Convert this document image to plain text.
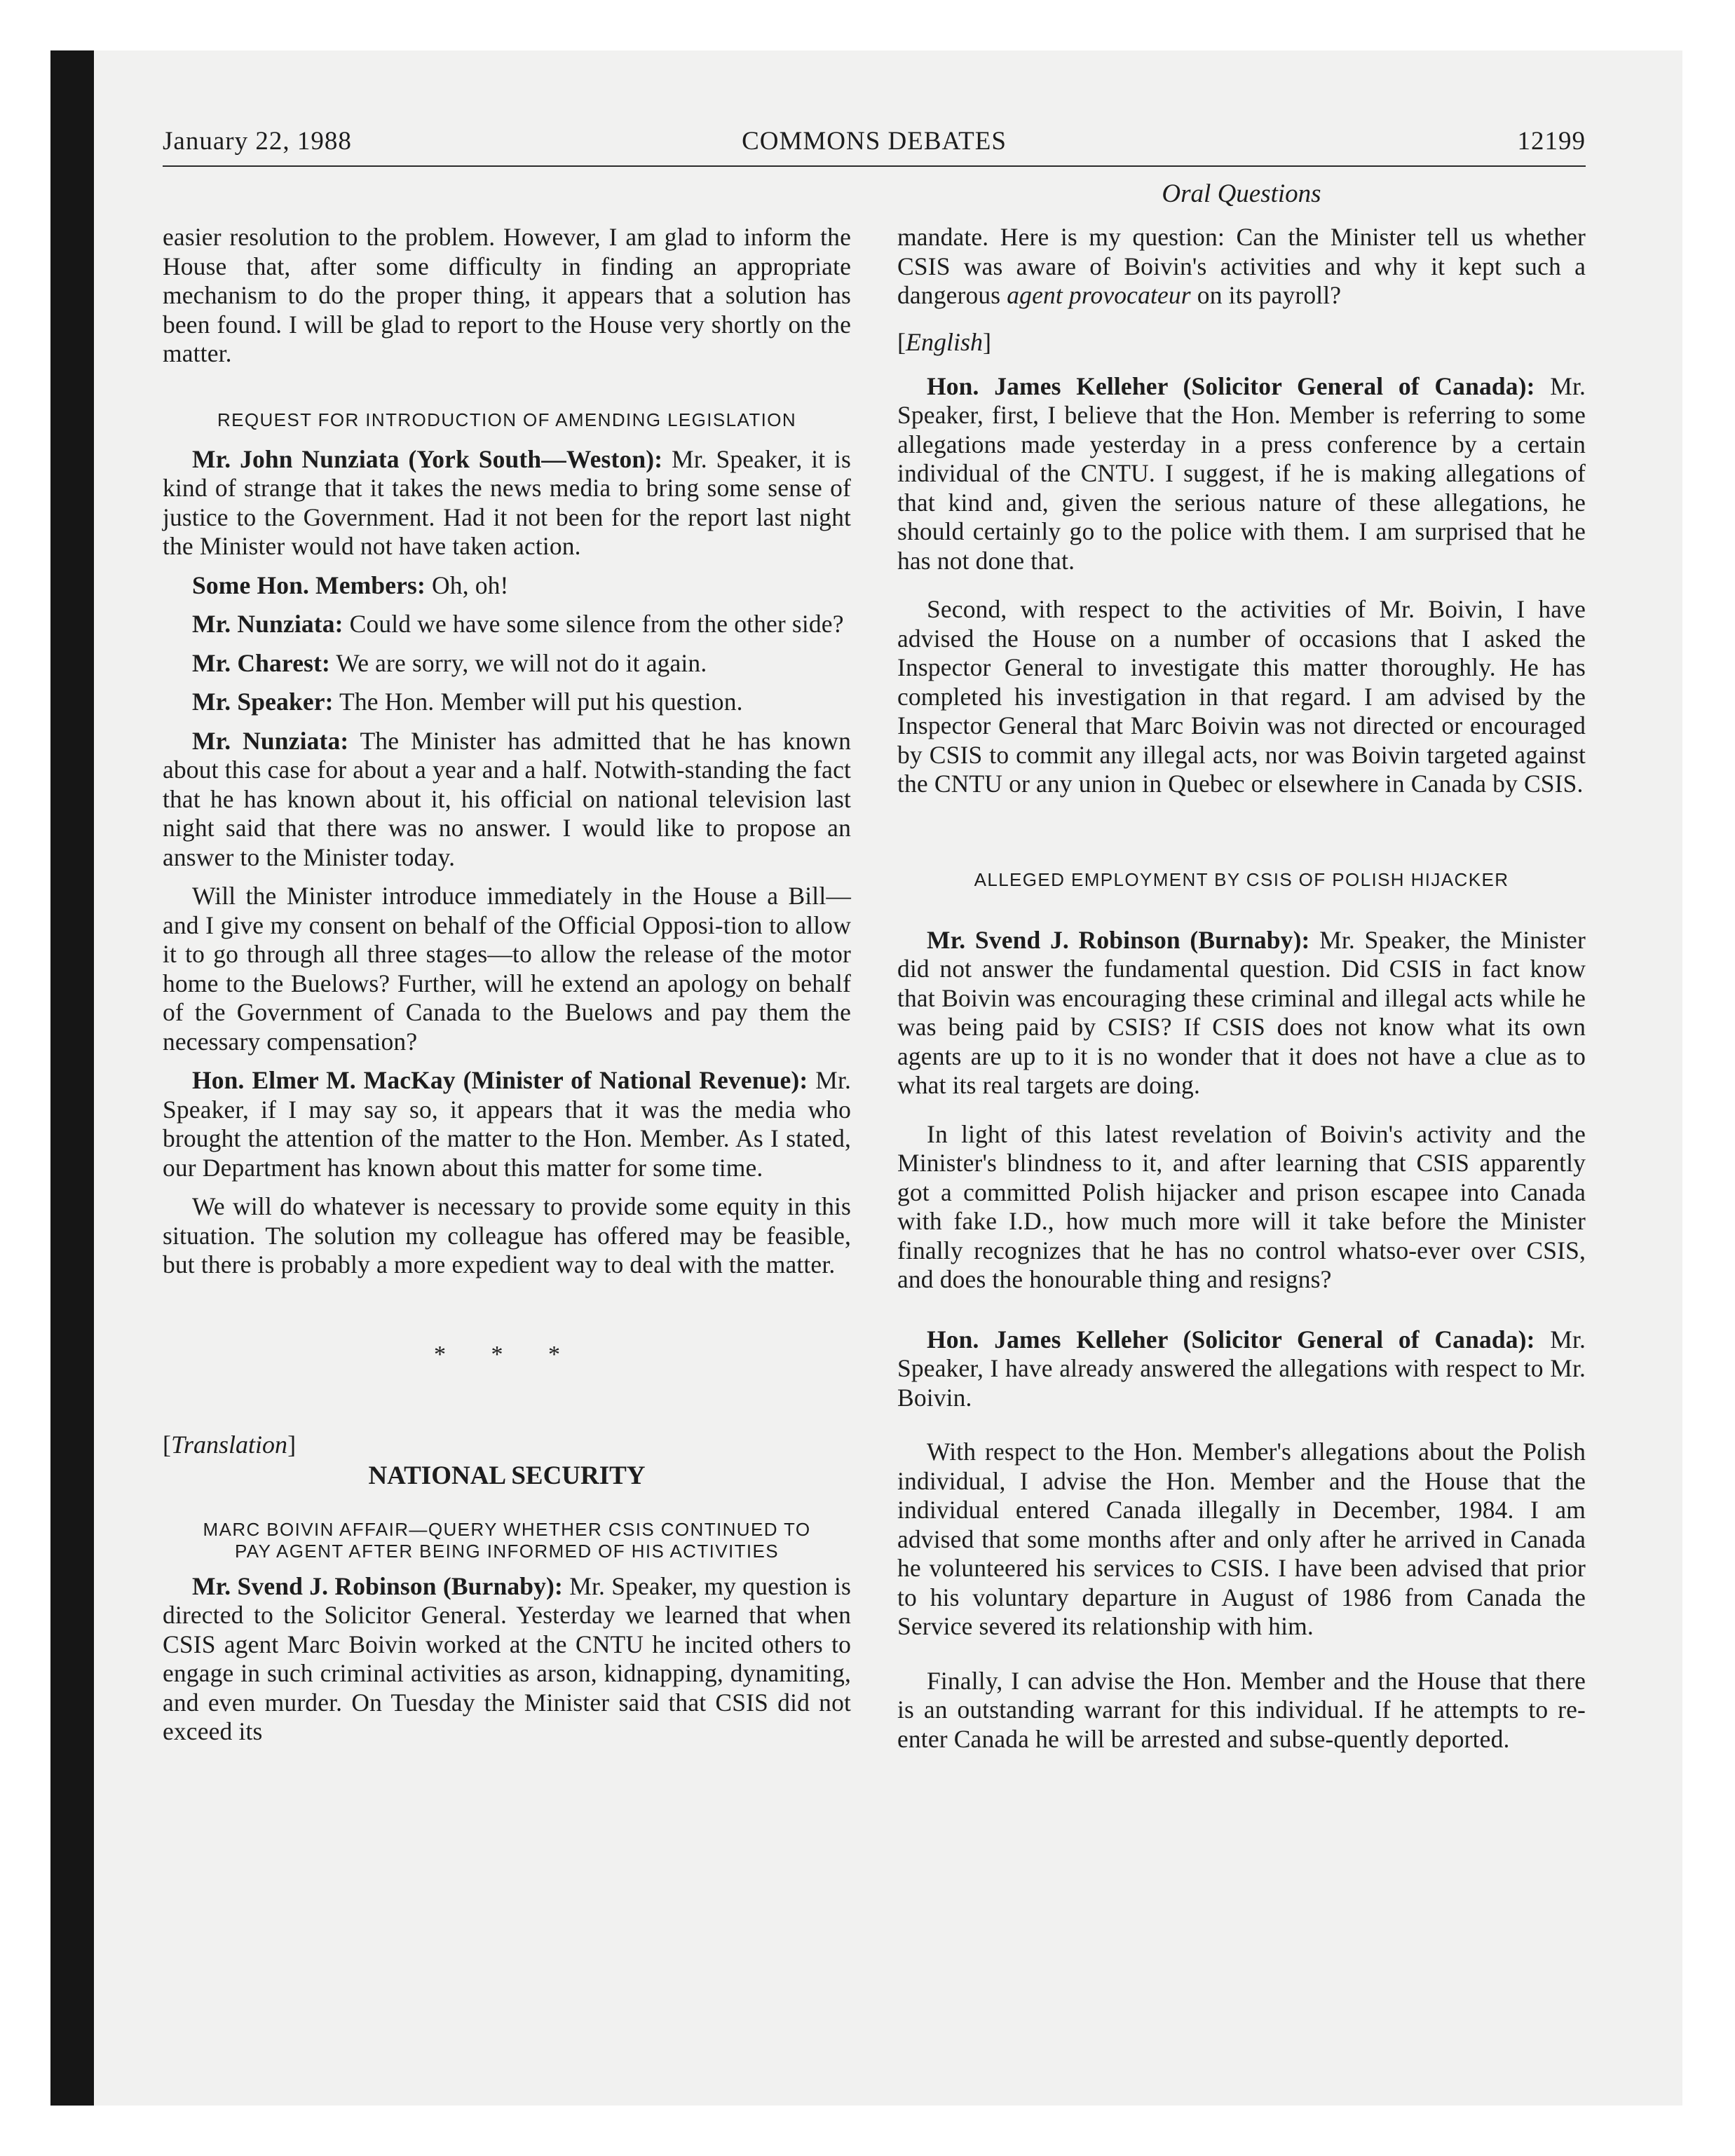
January 22, 1988	COMMONS DEBATES	12199
Oral Questions

easier resolution to the problem. However, I am glad to inform the House that, after some difficulty in finding an appropriate mechanism to do the proper thing, it appears that a solution has been found. I will be glad to report to the House very shortly on the matter.

REQUEST FOR INTRODUCTION OF AMENDING LEGISLATION

Mr. John Nunziata (York South—Weston): Mr. Speaker, it is kind of strange that it takes the news media to bring some sense of justice to the Government. Had it not been for the report last night the Minister would not have taken action.

Some Hon. Members: Oh, oh!

Mr. Nunziata: Could we have some silence from the other side?

Mr. Charest: We are sorry, we will not do it again.

Mr. Speaker: The Hon. Member will put his question.

Mr. Nunziata: The Minister has admitted that he has known about this case for about a year and a half. Notwith-standing the fact that he has known about it, his official on national television last night said that there was no answer. I would like to propose an answer to the Minister today.

Will the Minister introduce immediately in the House a Bill—and I give my consent on behalf of the Official Opposi-tion to allow it to go through all three stages—to allow the release of the motor home to the Buelows? Further, will he extend an apology on behalf of the Government of Canada to the Buelows and pay them the necessary compensation?

Hon. Elmer M. MacKay (Minister of National Revenue): Mr. Speaker, if I may say so, it appears that it was the media who brought the attention of the matter to the Hon. Member. As I stated, our Department has known about this matter for some time.

We will do whatever is necessary to provide some equity in this situation. The solution my colleague has offered may be feasible, but there is probably a more expedient way to deal with the matter.

* * *

[Translation]

NATIONAL SECURITY

MARC BOIVIN AFFAIR—QUERY WHETHER CSIS CONTINUED TO

PAY AGENT AFTER BEING INFORMED OF HIS ACTIVITIES

Mr. Svend J. Robinson (Burnaby): Mr. Speaker, my question is directed to the Solicitor General. Yesterday we learned that when CSIS agent Marc Boivin worked at the CNTU he incited others to engage in such criminal activities as arson, kidnapping, dynamiting, and even murder. On Tuesday the Minister said that CSIS did not exceed its

mandate. Here is my question: Can the Minister tell us whether CSIS was aware of Boivin's activities and why it kept such a dangerous agent provocateur on its payroll?

[English]

Hon. James Kelleher (Solicitor General of Canada): Mr. Speaker, first, I believe that the Hon. Member is referring to some allegations made yesterday in a press conference by a certain individual of the CNTU. I suggest, if he is making allegations of that kind and, given the serious nature of these allegations, he should certainly go to the police with them. I am surprised that he has not done that.

Second, with respect to the activities of Mr. Boivin, I have advised the House on a number of occasions that I asked the Inspector General to investigate this matter thoroughly. He has completed his investigation in that regard. I am advised by the Inspector General that Marc Boivin was not directed or encouraged by CSIS to commit any illegal acts, nor was Boivin targeted against the CNTU or any union in Quebec or elsewhere in Canada by CSIS.

ALLEGED EMPLOYMENT BY CSIS OF POLISH HIJACKER

Mr. Svend J. Robinson (Burnaby): Mr. Speaker, the Minister did not answer the fundamental question. Did CSIS in fact know that Boivin was encouraging these criminal and illegal acts while he was being paid by CSIS? If CSIS does not know what its own agents are up to it is no wonder that it does not have a clue as to what its real targets are doing.

In light of this latest revelation of Boivin's activity and the Minister's blindness to it, and after learning that CSIS apparently got a committed Polish hijacker and prison escapee into Canada with fake I.D., how much more will it take before the Minister finally recognizes that he has no control whatso-ever over CSIS, and does the honourable thing and resigns?

Hon. James Kelleher (Solicitor General of Canada): Mr. Speaker, I have already answered the allegations with respect to Mr. Boivin.

With respect to the Hon. Member's allegations about the Polish individual, I advise the Hon. Member and the House that the individual entered Canada illegally in December, 1984. I am advised that some months after and only after he arrived in Canada he volunteered his services to CSIS. I have been advised that prior to his voluntary departure in August of 1986 from Canada the Service severed its relationship with him.

Finally, I can advise the Hon. Member and the House that there is an outstanding warrant for this individual. If he attempts to re-enter Canada he will be arrested and subse-quently deported.
